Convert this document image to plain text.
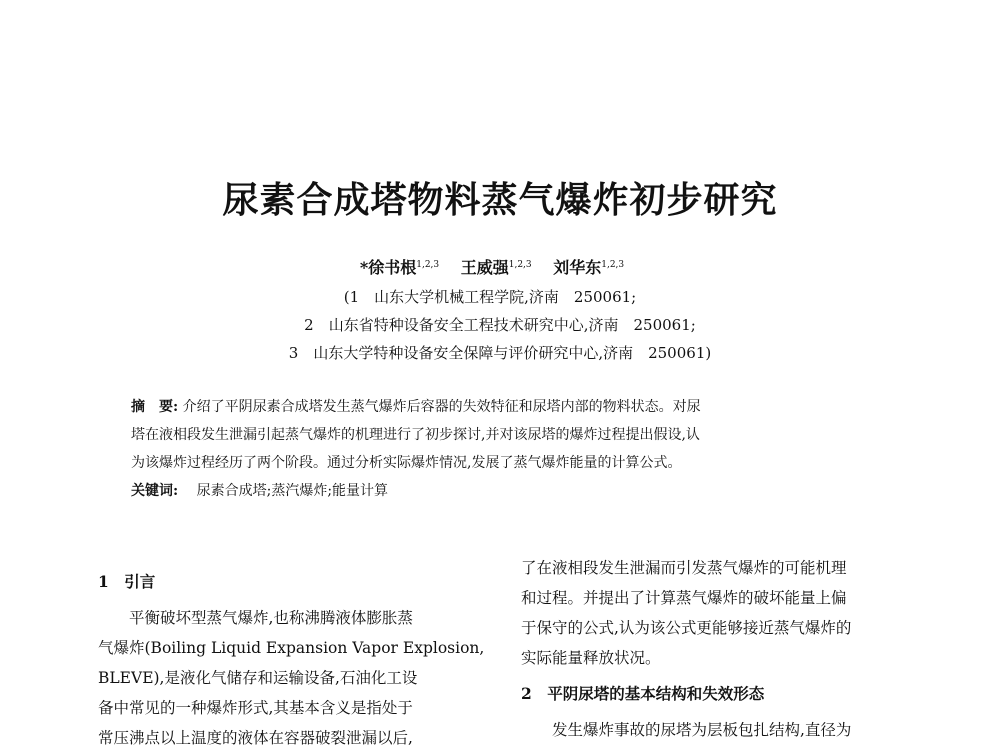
尿素合成塔物料蒸气爆炸初步研究
*徐书根$^{1,2,3}$ 王威强$^{1,2,3}$ 刘华东$^{1,2,3}$
(1　山东大学机械工程学院,济南　250061;
2　山东省特种设备安全工程技术研究中心,济南　250061;
3　山东大学特种设备安全保障与评价研究中心,济南　250061)
摘　要: 介绍了平阴尿素合成塔发生蒸气爆炸后容器的失效特征和尿塔内部的物料状态。对尿
塔在液相段发生泄漏引起蒸气爆炸的机理进行了初步探讨,并对该尿塔的爆炸过程提出假设,认
为该爆炸过程经历了两个阶段。通过分析实际爆炸情况,发展了蒸气爆炸能量的计算公式。
关键词: 尿素合成塔;蒸汽爆炸;能量计算
1　引言
　　平衡破坏型蒸气爆炸,也称沸腾液体膨胀蒸
气爆炸(Boiling Liquid Expansion Vapor Explosion,
BLEVE),是液化气储存和运输设备,石油化工设
备中常见的一种爆炸形式,其基本含义是指处于
常压沸点以上温度的液体在容器破裂泄漏以后,
了在液相段发生泄漏而引发蒸气爆炸的可能机理
和过程。并提出了计算蒸气爆炸的破坏能量上偏
于保守的公式,认为该公式更能够接近蒸气爆炸的
实际能量释放状况。
2　平阴尿塔的基本结构和失效形态
　　发生爆炸事故的尿塔为层板包扎结构,直径为
